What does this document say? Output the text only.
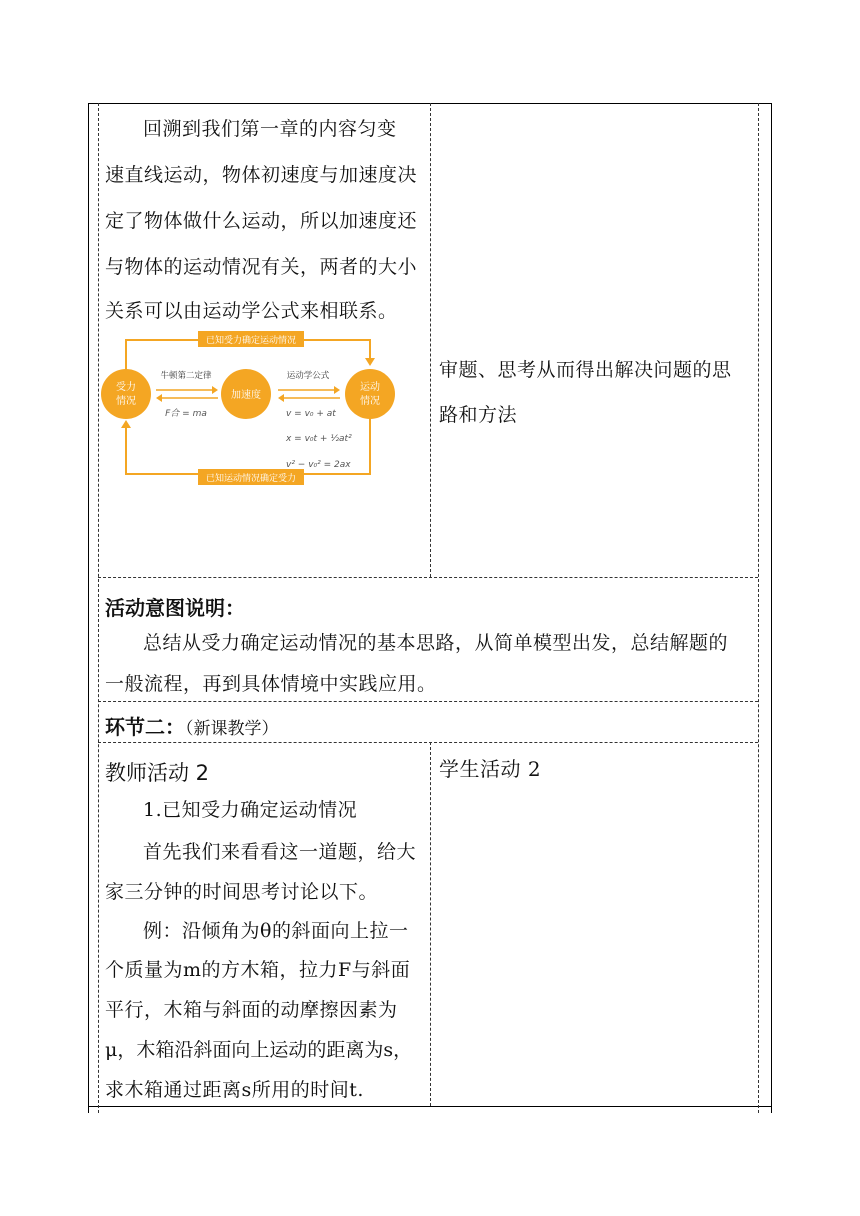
回溯到我们第一章的内容匀变
速直线运动，物体初速度与加速度决
定了物体做什么运动，所以加速度还
与物体的运动情况有关，两者的大小
关系可以由运动学公式来相联系。
已知受力确定运动情况
已知运动情况确定受力
受力
情况
加速度
运动
情况
牛顿第二定律
F合 = ma
运动学公式
v = v₀ + at
x = v₀t + ½at²
v² − v₀² = 2ax
审题、思考从而得出解决问题的思
路和方法
活动意图说明：
总结从受力确定运动情况的基本思路，从简单模型出发，总结解题的
一般流程，再到具体情境中实践应用。
环节二：（新课教学）
教师活动 2	学生活动 2
1.已知受力确定运动情况
首先我们来看看这一道题，给大
家三分钟的时间思考讨论以下。
例：沿倾角为θ的斜面向上拉一
个质量为m的方木箱，拉力F与斜面
平行，木箱与斜面的动摩擦因素为
μ，木箱沿斜面向上运动的距离为s，
求木箱通过距离s所用的时间t.
